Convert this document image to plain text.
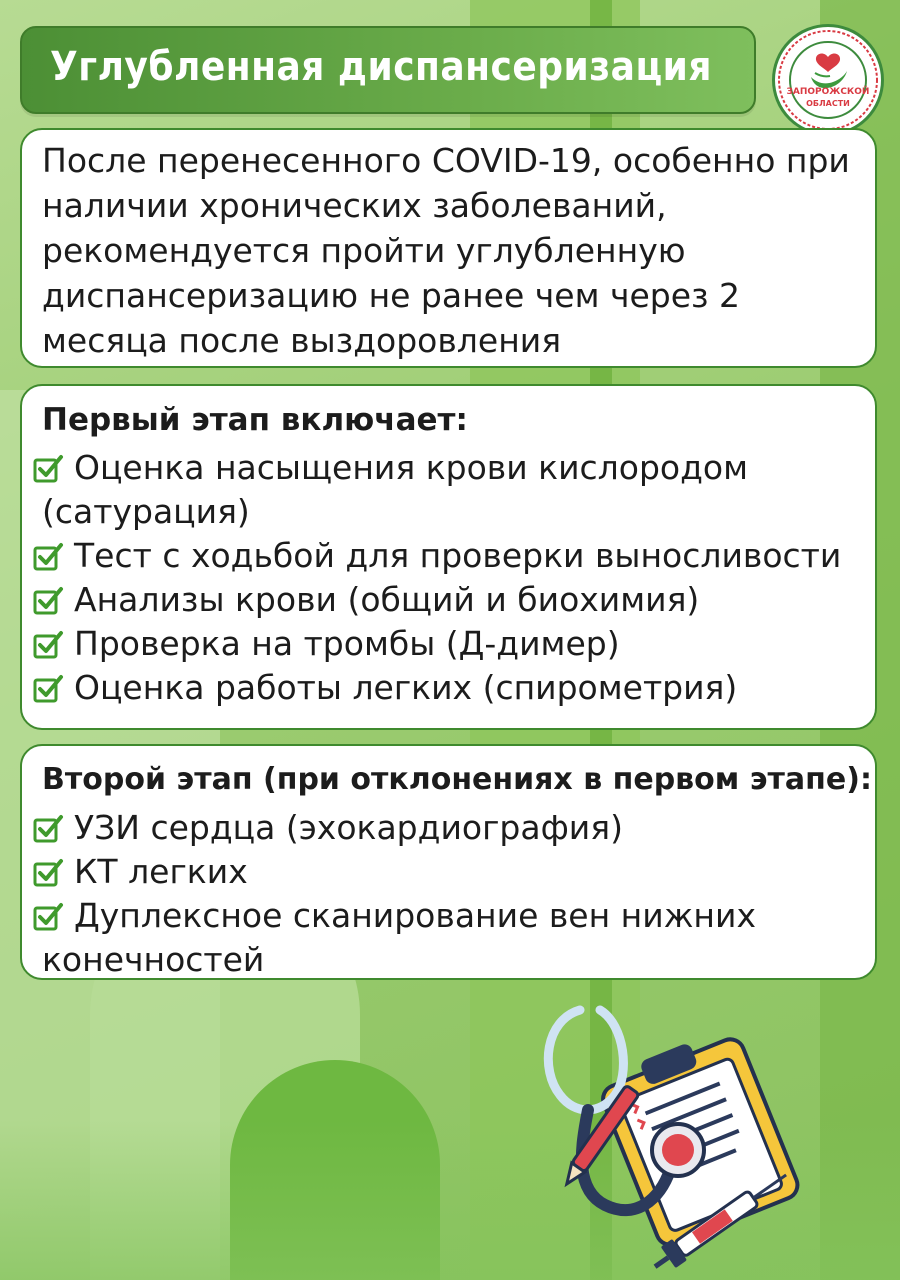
Углубленная диспансеризация
ЗАПОРОЖСКОЙ
ОБЛАСТИ
После перенесенного COVID-19, особенно при
наличии хронических заболеваний,
рекомендуется пройти углубленную
диспансеризацию не ранее чем через 2
месяца после выздоровления
Первый этап включает:
Оценка насыщения крови кислородом
(сатурация)
Тест с ходьбой для проверки выносливости
Анализы крови (общий и биохимия)
Проверка на тромбы (Д-димер)
Оценка работы легких (спирометрия)
Второй этап (при отклонениях в первом этапе):
УЗИ сердца (эхокардиография)
КТ легких
Дуплексное сканирование вен нижних
конечностей
